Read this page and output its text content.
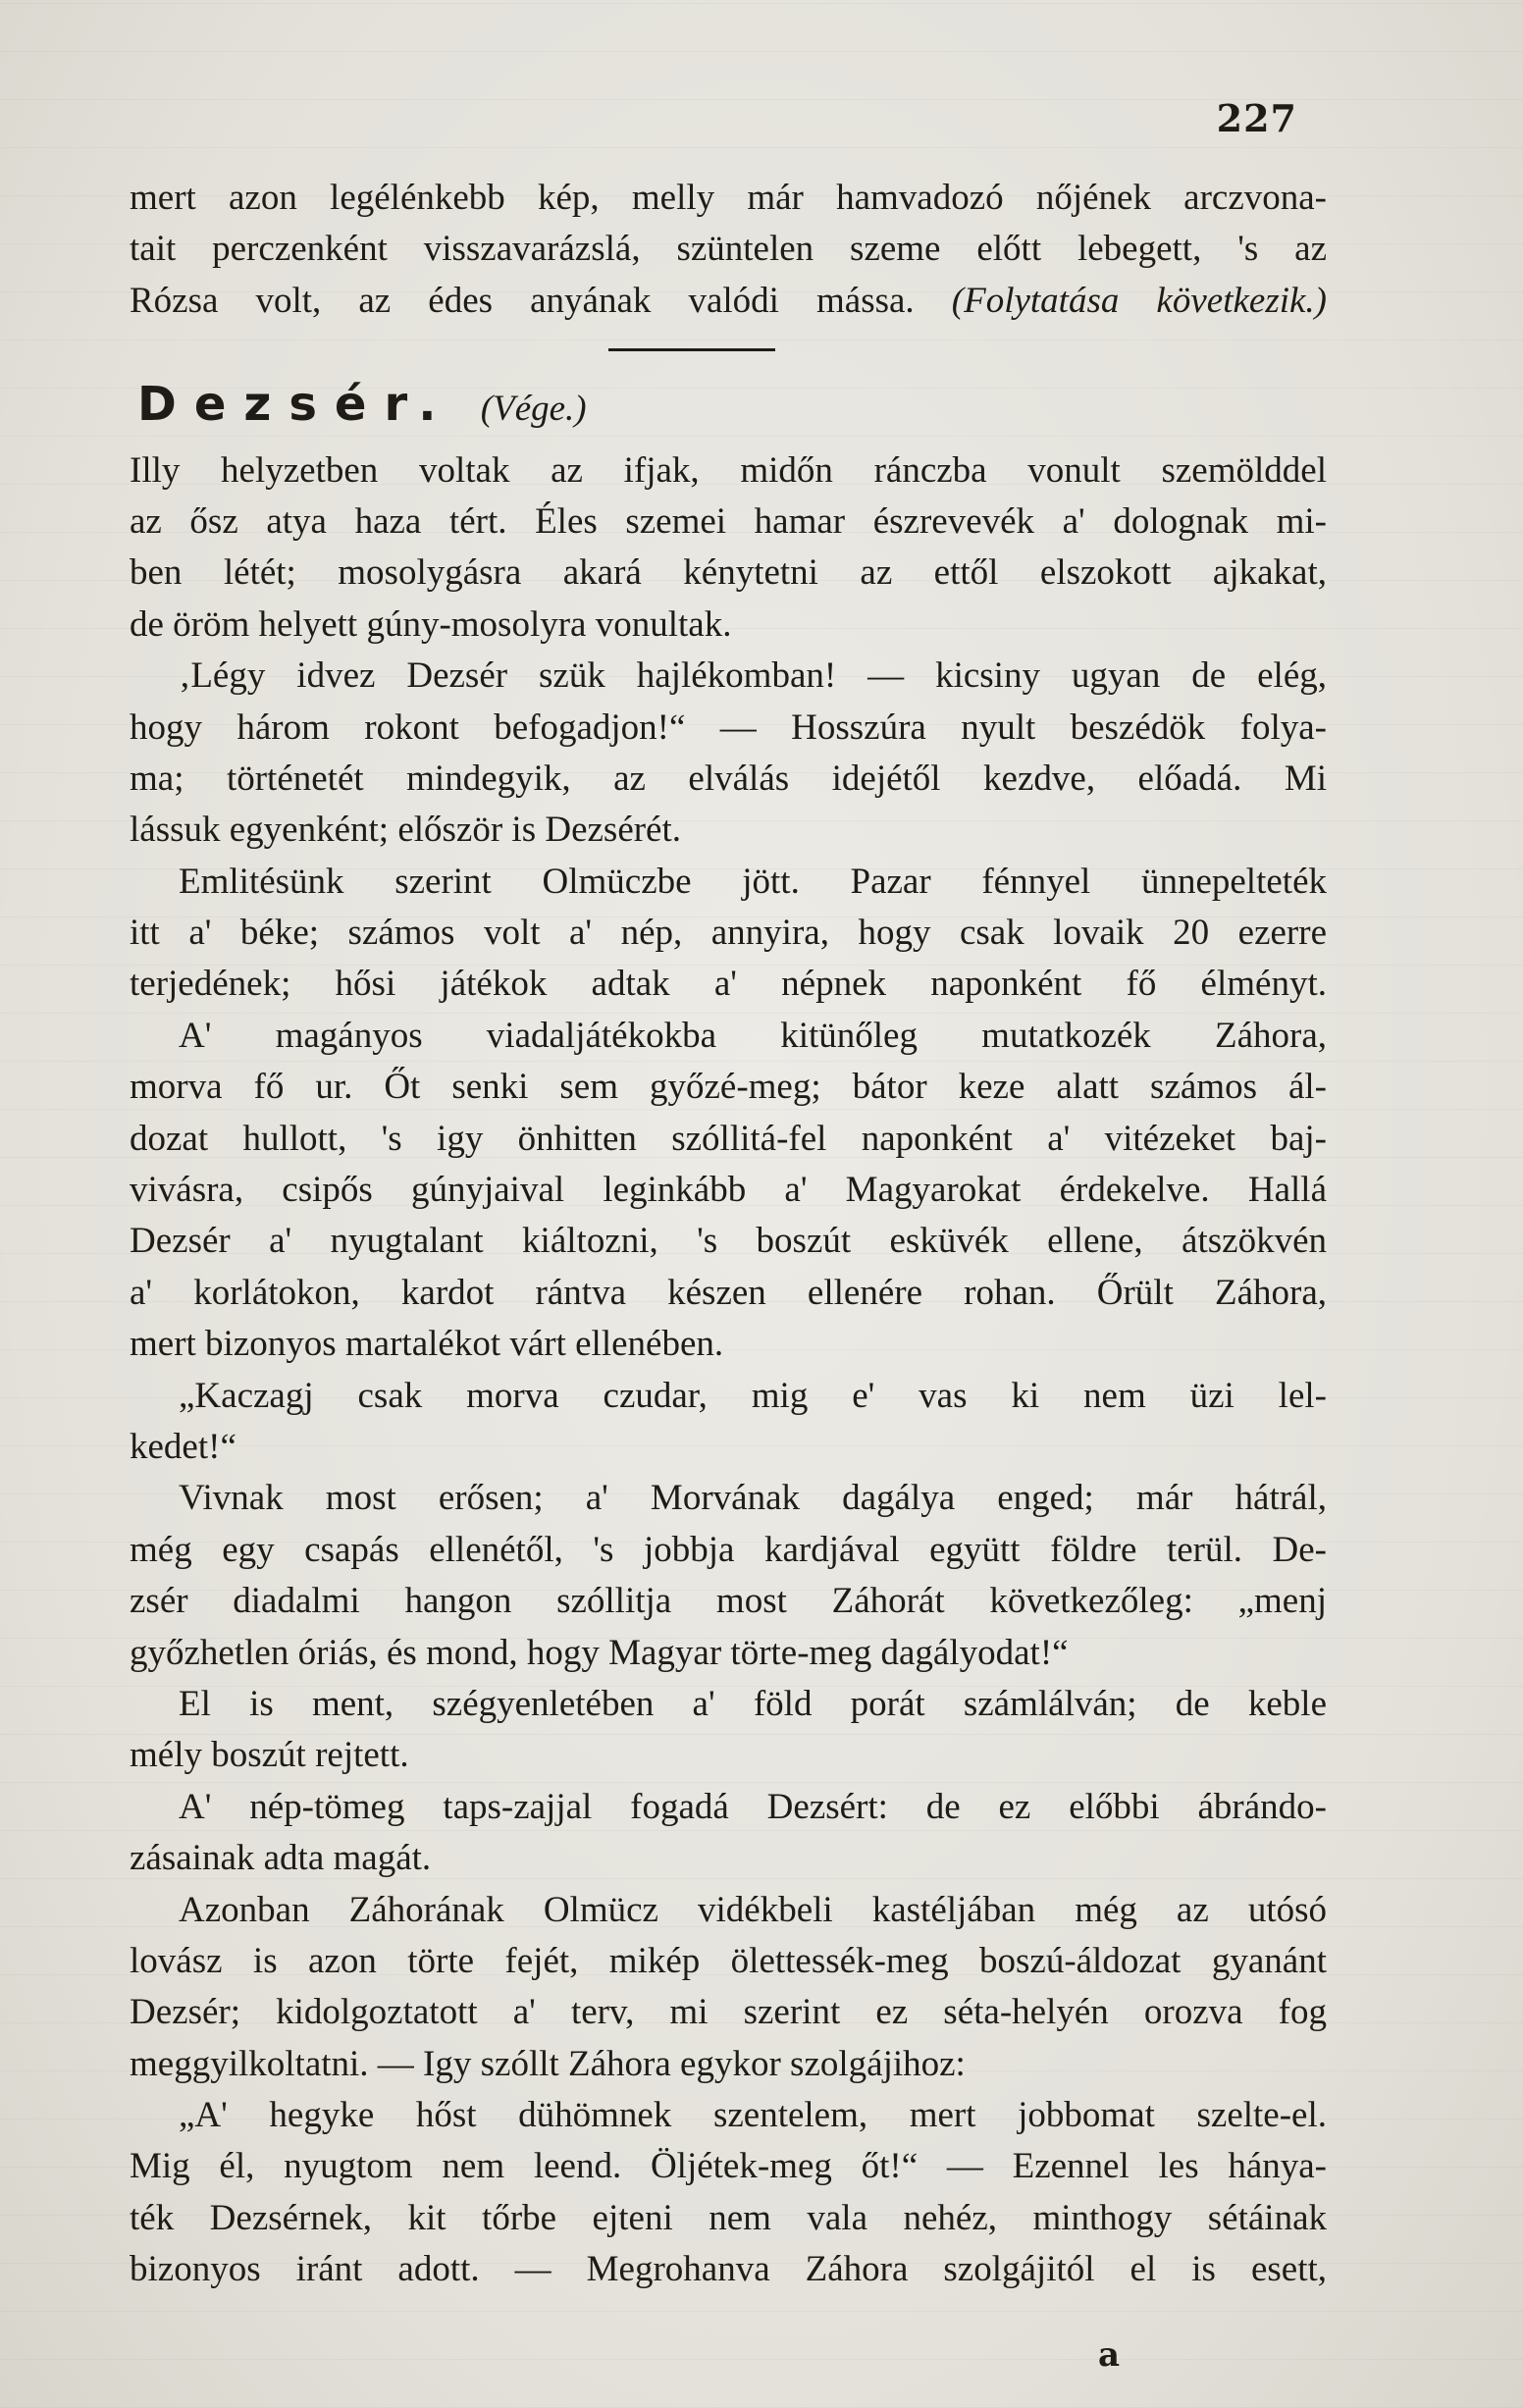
227
mert azon legélénkebb kép, melly már hamvadozó nőjének arczvona-
tait perczenként visszavarázslá, szüntelen szeme előtt lebegett, 's az
Rózsa volt, az édes anyának valódi mássa. (Folytatása következik.)
Dezsér. (Vége.)
Illy helyzetben voltak az ifjak, midőn ránczba vonult szemölddel
az ősz atya haza tért. Éles szemei hamar észrevevék a' dolognak mi-
ben létét; mosolygásra akará kénytetni az ettől elszokott ajkakat,
de öröm helyett gúny-mosolyra vonultak.
‚Légy idvez Dezsér szük hajlékomban! — kicsiny ugyan de elég,
hogy három rokont befogadjon!“ — Hosszúra nyult beszédök folya-
ma; történetét mindegyik, az elválás idejétől kezdve, előadá. Mi
lássuk egyenként; először is Dezsérét.
Emlitésünk szerint Olmüczbe jött. Pazar fénnyel ünnepelteték
itt a' béke; számos volt a' nép, annyira, hogy csak lovaik 20 ezerre
terjedének; hősi játékok adtak a' népnek naponként fő élményt.
A' magányos viadaljátékokba kitünőleg mutatkozék Záhora,
morva fő ur. Őt senki sem győzé-meg; bátor keze alatt számos ál-
dozat hullott, 's igy önhitten szóllitá-fel naponként a' vitézeket baj-
vivásra, csipős gúnyjaival leginkább a' Magyarokat érdekelve. Hallá
Dezsér a' nyugtalant kiáltozni, 's boszút esküvék ellene, átszökvén
a' korlátokon, kardot rántva készen ellenére rohan. Őrült Záhora,
mert bizonyos martalékot várt ellenében.
„Kaczagj csak morva czudar, mig e' vas ki nem üzi lel-
kedet!“
Vivnak most erősen; a' Morvának dagálya enged; már hátrál,
még egy csapás ellenétől, 's jobbja kardjával együtt földre terül. De-
zsér diadalmi hangon szóllitja most Záhorát következőleg: „menj
győzhetlen óriás, és mond, hogy Magyar törte-meg dagályodat!“
El is ment, szégyenletében a' föld porát számlálván; de keble
mély boszút rejtett.
A' nép-tömeg taps-zajjal fogadá Dezsért: de ez előbbi ábrándo-
zásainak adta magát.
Azonban Záhorának Olmücz vidékbeli kastéljában még az utósó
lovász is azon törte fejét, mikép ölettessék-meg boszú-áldozat gyanánt
Dezsér; kidolgoztatott a' terv, mi szerint ez séta-helyén orozva fog
meggyilkoltatni. — Igy szóllt Záhora egykor szolgájihoz:
„A' hegyke hőst dühömnek szentelem, mert jobbomat szelte-el.
Mig él, nyugtom nem leend. Öljétek-meg őt!“ — Ezennel les hánya-
ték Dezsérnek, kit tőrbe ejteni nem vala nehéz, minthogy sétáinak
bizonyos iránt adott. — Megrohanva Záhora szolgájitól el is esett,
a
